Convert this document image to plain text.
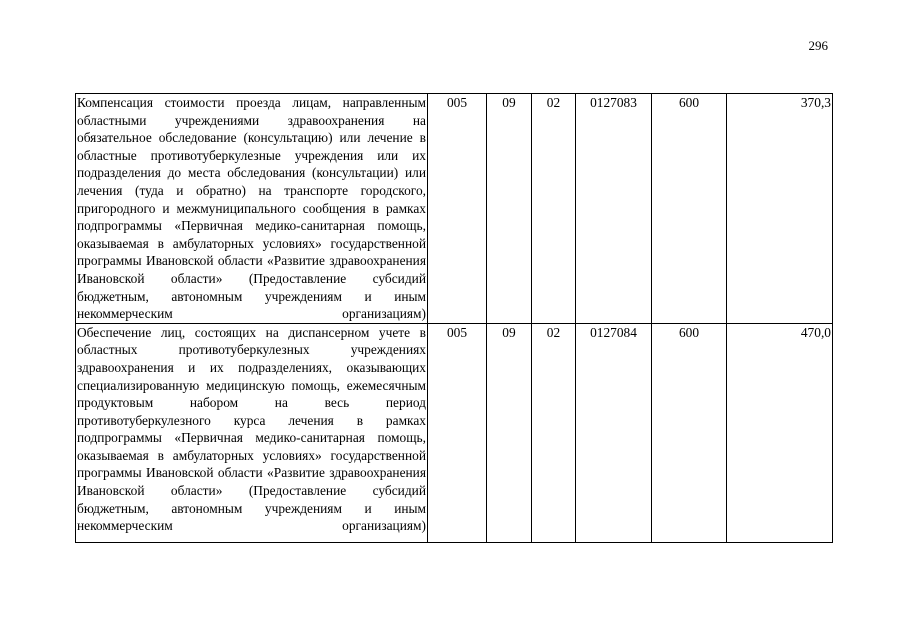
296
Компенсация стоимости проезда лицам, направленным областными учреждениями здравоохранения на обязательное обследование (консультацию) или лечение в областные противотуберкулезные учреждения или их подразделения до места обследования (консультации) или лечения (туда и обратно) на транспорте городского, пригородного и межмуниципального сообщения в рамках подпрограммы «Первичная медико-санитарная помощь, оказываемая в амбулаторных условиях» государственной программы Ивановской области «Развитие здравоохранения Ивановской области» (Предоставление субсидий бюджетным, автономным учреждениям и иным некоммерческим организациям)	005	09	02	0127083	600	370,3
Обеспечение лиц, состоящих на диспансерном учете в областных противотуберкулезных учреждениях здравоохранения и их подразделениях, оказывающих специализированную медицинскую помощь, ежемесячным продуктовым набором на весь период противотуберкулезного курса лечения в рамках подпрограммы «Первичная медико-санитарная помощь, оказываемая в амбулаторных условиях» государственной программы Ивановской области «Развитие здравоохранения Ивановской области» (Предоставление субсидий бюджетным, автономным учреждениям и иным некоммерческим организациям)	005	09	02	0127084	600	470,0
